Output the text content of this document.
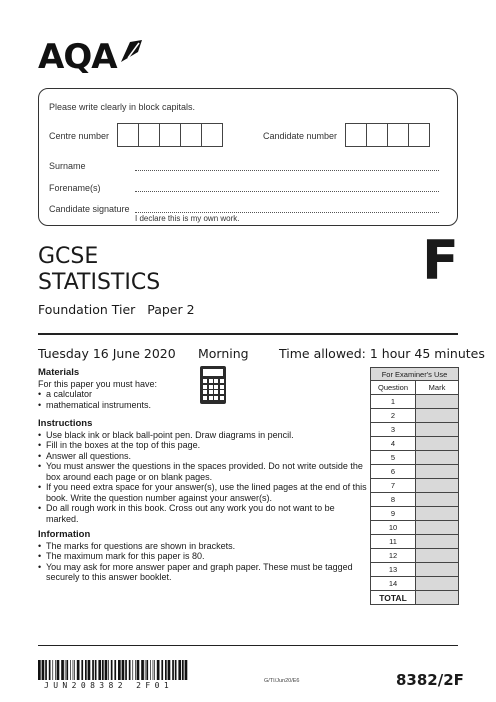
AQA
Please write clearly in block capitals.
Centre number	Candidate number
Surname
Forename(s)
Candidate signature
I declare this is my own work.
GCSE
STATISTICS
Foundation Tier   Paper 2
F
Tuesday 16 June 2020 Morning Time allowed: 1 hour 45 minutes
Materials

For this paper you must have:

• a calculator
• mathematical instruments.
Instructions
• Use black ink or black ball-point pen. Draw diagrams in pencil.
• Fill in the boxes at the top of this page.
• Answer all questions.
• You must answer the questions in the spaces provided. Do not write outside the box around each page or on blank pages.
• If you need extra space for your answer(s), use the lined pages at the end of this book. Write the question number against your answer(s).
• Do all rough work in this book. Cross out any work you do not want to be marked.
Information
• The marks for questions are shown in brackets.
• The maximum mark for this paper is 80.
• You may ask for more answer paper and graph paper. These must be tagged securely to this answer booklet.
For Examiner's Use	
Question	Mark
1	
2	
3	
4	
5	
6	
7	
8	
9	
10	
11	
12	
13	
14	
TOTAL	
JUN208382 2F01	G/TI/Jun20/E6	8382/2F
